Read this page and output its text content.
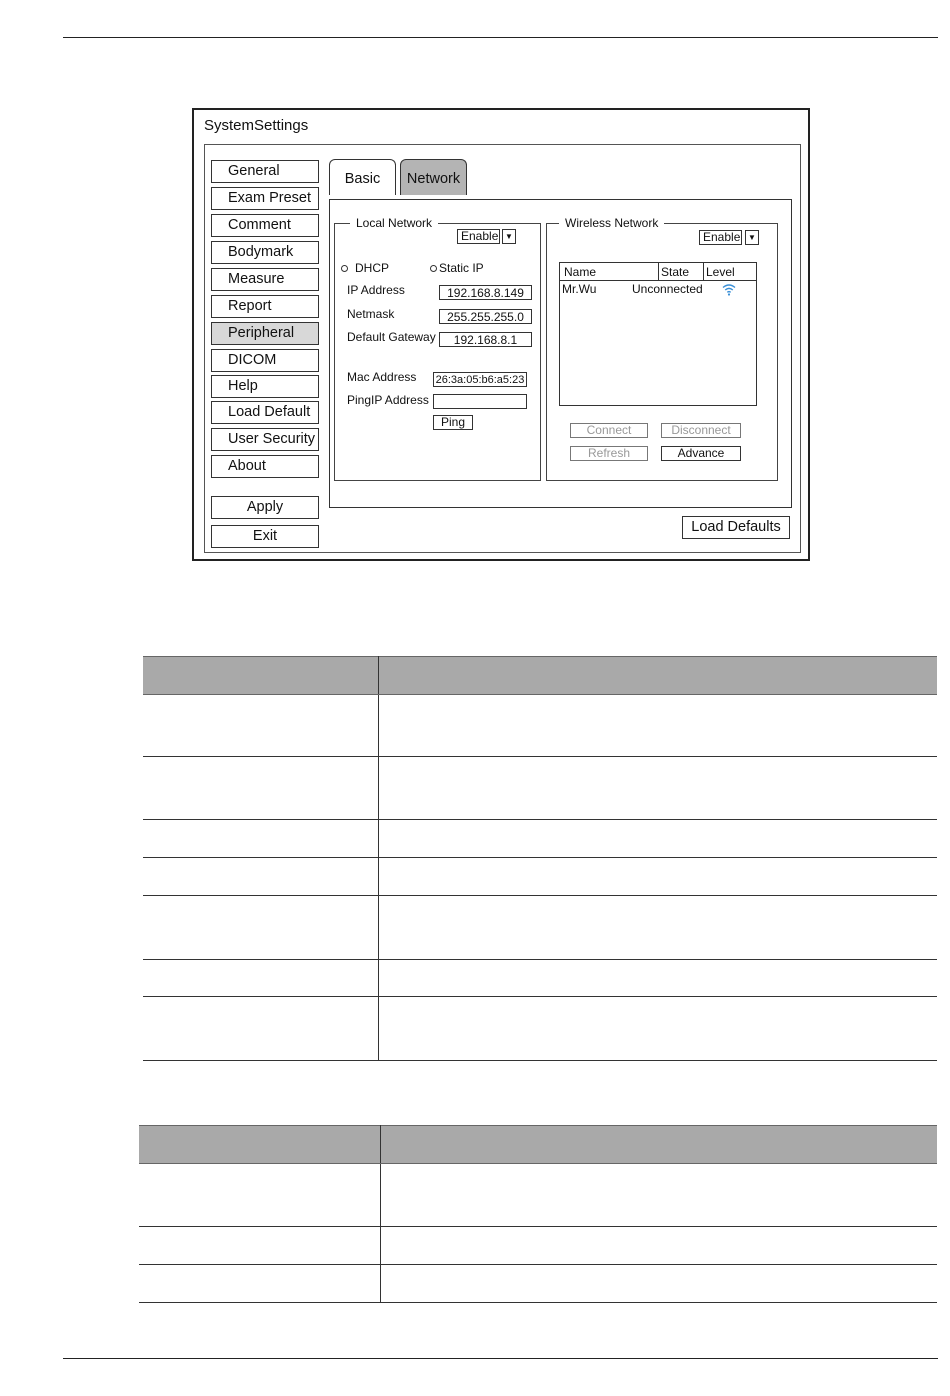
SystemSettings
General
Exam Preset
Comment
Bodymark
Measure
Report
Peripheral
DICOM
Help
Load Default
User Security
About
Apply
Exit
Basic	Network
Local Network
Enable ▼
DHCP	Static IP
IP Address	192.168.8.149
Netmask	255.255.255.0
Default Gateway	192.168.8.1
Mac Address 26:3a:05:b6:a5:23
PingIP Address
Ping
Wireless Network
Enable ▼
Name	State Level
Mr.Wu	Unconnected
Connect	Disconnect
Refresh	Advance
Load Defaults
